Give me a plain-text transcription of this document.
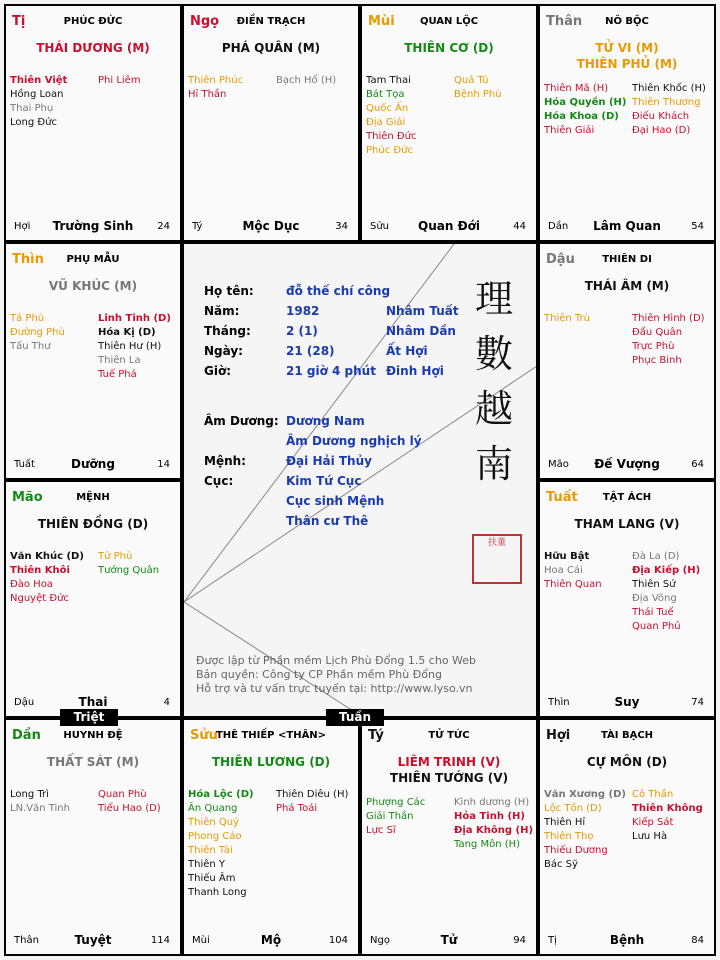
Tị	PHÚC ĐỨC
THÁI DƯƠNG (M)
Thiên Việt
Hồng Loan
Thai Phụ
Long Đức
Phi Liêm
Hợi	Trường Sinh	24
Ngọ	ĐIỀN TRẠCH
PHÁ QUÂN (M)
Thiên Phúc
Hỉ Thần
Bạch Hổ (H)
Tý	Mộc Dục	34
Mùi	QUAN LỘC
THIÊN CƠ (D)
Tam Thai
Bát Tọa
Quốc Ấn
Địa Giải
Thiên Đức
Phúc Đức
Quả Tú
Bệnh Phù
Sửu	Quan Đới	44
Thân	NÔ BỘC
TỬ VI (M)
THIÊN PHỦ (M)
Thiên Mã (H)
Hóa Quyền (H)
Hóa Khoa (D)
Thiên Giải
Thiên Khốc (H)
Thiên Thương
Điếu Khách
Đại Hao (D)
Dần	Lâm Quan	54
Thìn	PHỤ MẪU
VŨ KHÚC (M)
Tả Phù
Đường Phù
Tấu Thư
Linh Tinh (D)
Hóa Kị (D)
Thiên Hư (H)
Thiên La
Tuế Phá
Tuất	Dưỡng	14
Dậu	THIÊN DI
THÁI ÂM (M)
Thiên Trù	Thiên Hình (D)
Đẩu Quân
Trực Phù
Phục Binh
Mão	Đế Vượng	64
Mão	MỆNH
THIÊN ĐỒNG (D)
Văn Khúc (D)
Thiên Khôi
Đào Hoa
Nguyệt Đức
Tử Phù
Tướng Quân
Dậu	Thai	4
Tuất	TẬT ÁCH
THAM LANG (V)
Hữu Bật
Hoa Cái
Thiên Quan
Đà La (D)
Địa Kiếp (H)
Thiên Sứ
Địa Võng
Thái Tuế
Quan Phủ
Thìn	Suy	74
Dần	HUYNH ĐỆ
THẤT SÁT (M)
Long Trì
LN.Văn Tinh
Quan Phù
Tiểu Hao (D)
Thân	Tuyệt	114
Sửu
THÊ THIẾP <THÂN>
THIÊN LƯƠNG (D)
Hóa Lộc (D)
Ân Quang
Thiên Quý
Phong Cáo
Thiên Tài
Thiên Y
Thiếu Âm
Thanh Long
Thiên Diêu (H)
Phá Toái
Mùi	Mộ	104
Tý	TỬ TỨC
LIÊM TRINH (V)
THIÊN TƯỚNG (V)
Phượng Các
Giải Thần
Lực Sĩ
Kình dương (H)
Hỏa Tinh (H)
Địa Không (H)
Tang Môn (H)
Ngọ	Tử	94
Hợi	TÀI BẠCH
CỰ MÔN (D)
Văn Xương (D)
Lộc Tồn (D)
Thiên Hỉ
Thiên Thọ
Thiếu Dương
Bác Sỹ
Cô Thần
Thiên Không
Kiếp Sát
Lưu Hà
Tị	Bệnh	84
Họ tên:	đỗ thế chí công
Năm:	1982	Nhâm Tuất
Tháng:	2 (1)	Nhâm Dần
Ngày:	21 (28)	Ất Hợi
Giờ:	21 giờ 4 phút Đinh Hợi
Âm Dương: Dương Nam
Âm Dương nghịch lý
Mệnh:	Đại Hải Thủy
Cục:	Kim Tứ Cục
Cục sinh Mệnh
Thân cư Thê
理
數
越
南
扶董
Được lập từ Phần mềm Lịch Phù Đổng 1.5 cho Web
Bản quyền: Công ty CP Phần mềm Phù Đổng
Hỗ trợ và tư vấn trực tuyến tại: http://www.lyso.vn
Triệt	Tuần
